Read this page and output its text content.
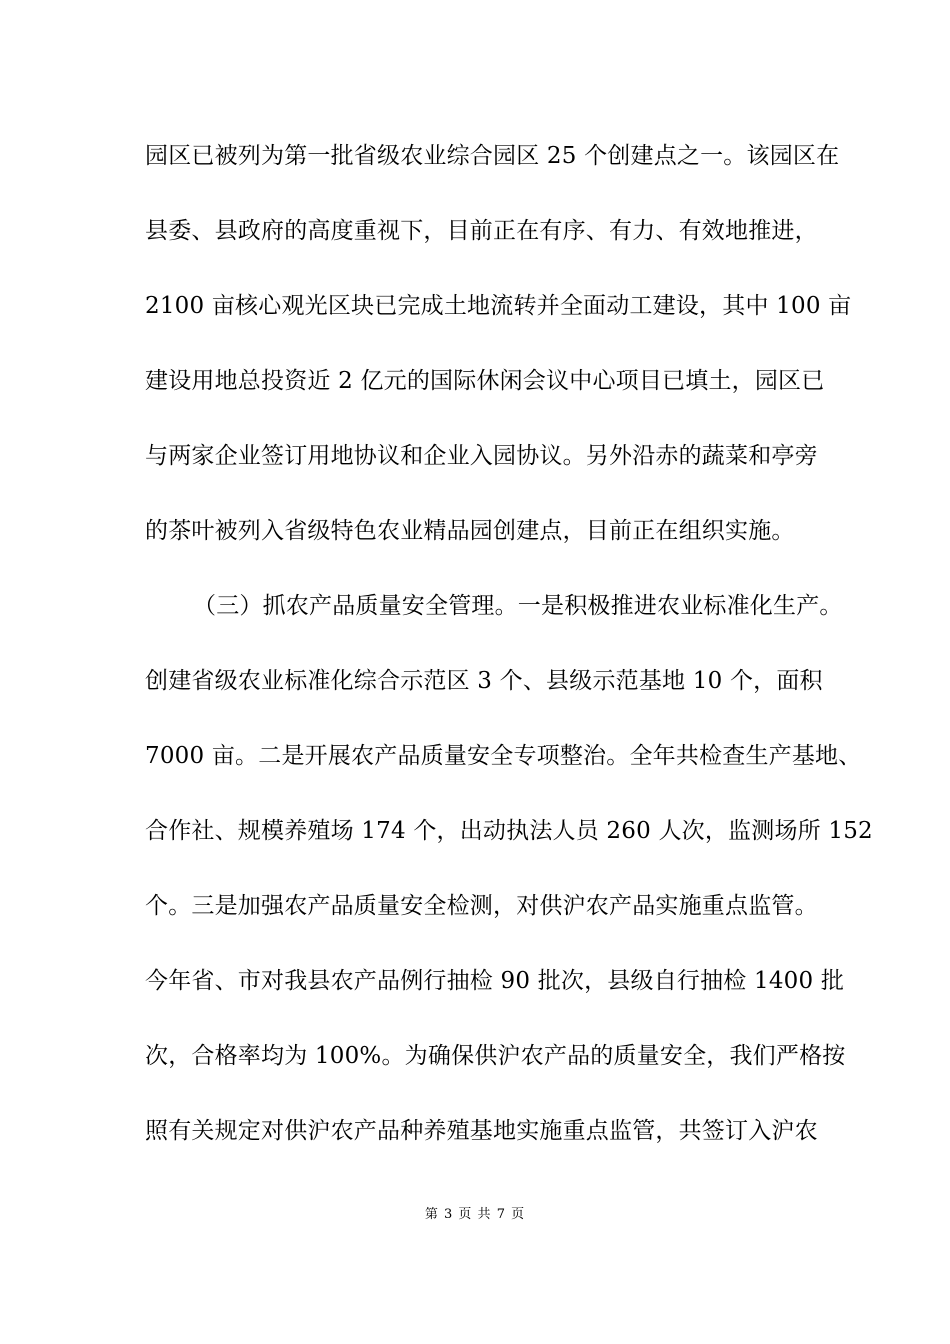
园区已被列为第一批省级农业综合园区 25 个创建点之一。该园区在
县委、县政府的高度重视下，目前正在有序、有力、有效地推进，
2100 亩核心观光区块已完成土地流转并全面动工建设，其中 100 亩
建设用地总投资近 2 亿元的国际休闲会议中心项目已填土，园区已
与两家企业签订用地协议和企业入园协议。另外沿赤的蔬菜和亭旁
的茶叶被列入省级特色农业精品园创建点，目前正在组织实施。
（三）抓农产品质量安全管理。一是积极推进农业标准化生产。
创建省级农业标准化综合示范区 3 个、县级示范基地 10 个，面积
7000 亩。二是开展农产品质量安全专项整治。全年共检查生产基地、
合作社、规模养殖场 174 个，出动执法人员 260 人次，监测场所 152
个。三是加强农产品质量安全检测，对供沪农产品实施重点监管。
今年省、市对我县农产品例行抽检 90 批次，县级自行抽检 1400 批
次，合格率均为 100%。为确保供沪农产品的质量安全，我们严格按
照有关规定对供沪农产品种养殖基地实施重点监管，共签订入沪农
第 3 页 共 7 页
